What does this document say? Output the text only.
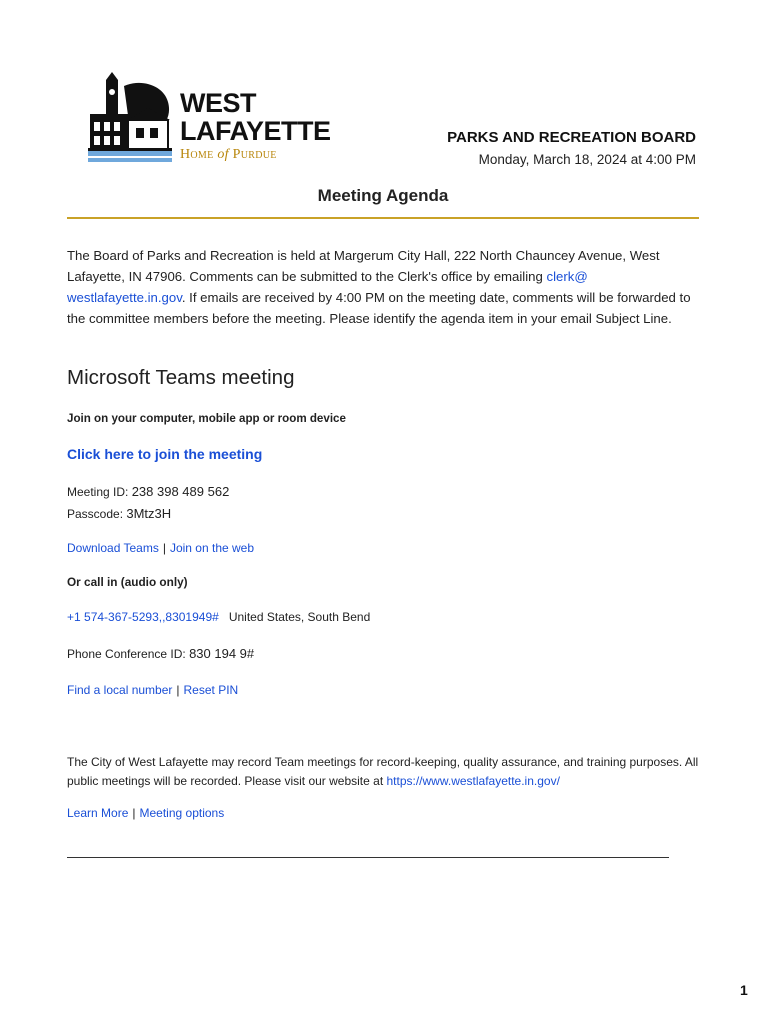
WEST
LAFAYETTE
Home of Purdue
PARKS AND RECREATION BOARD
Monday, March 18, 2024 at 4:00 PM
Meeting Agenda
The Board of Parks and Recreation is held at Margerum City Hall, 222 North Chauncey Avenue, West Lafayette, IN 47906. Comments can be submitted to the Clerk's office by emailing clerk@ westlafayette.in.gov. If emails are received by 4:00 PM on the meeting date, comments will be forwarded to the committee members before the meeting. Please identify the agenda item in your email Subject Line.
Microsoft Teams meeting
Join on your computer, mobile app or room device
Click here to join the meeting
Meeting ID: 238 398 489 562
Passcode: 3Mtz3H
Download Teams | Join on the web
Or call in (audio only)
+1 574-367-5293,,8301949# United States, South Bend
Phone Conference ID: 830 194 9#
Find a local number | Reset PIN
The City of West Lafayette may record Team meetings for record-keeping, quality assurance, and training purposes. All public meetings will be recorded. Please visit our website at https://www.westlafayette.in.gov/
Learn More | Meeting options
1
